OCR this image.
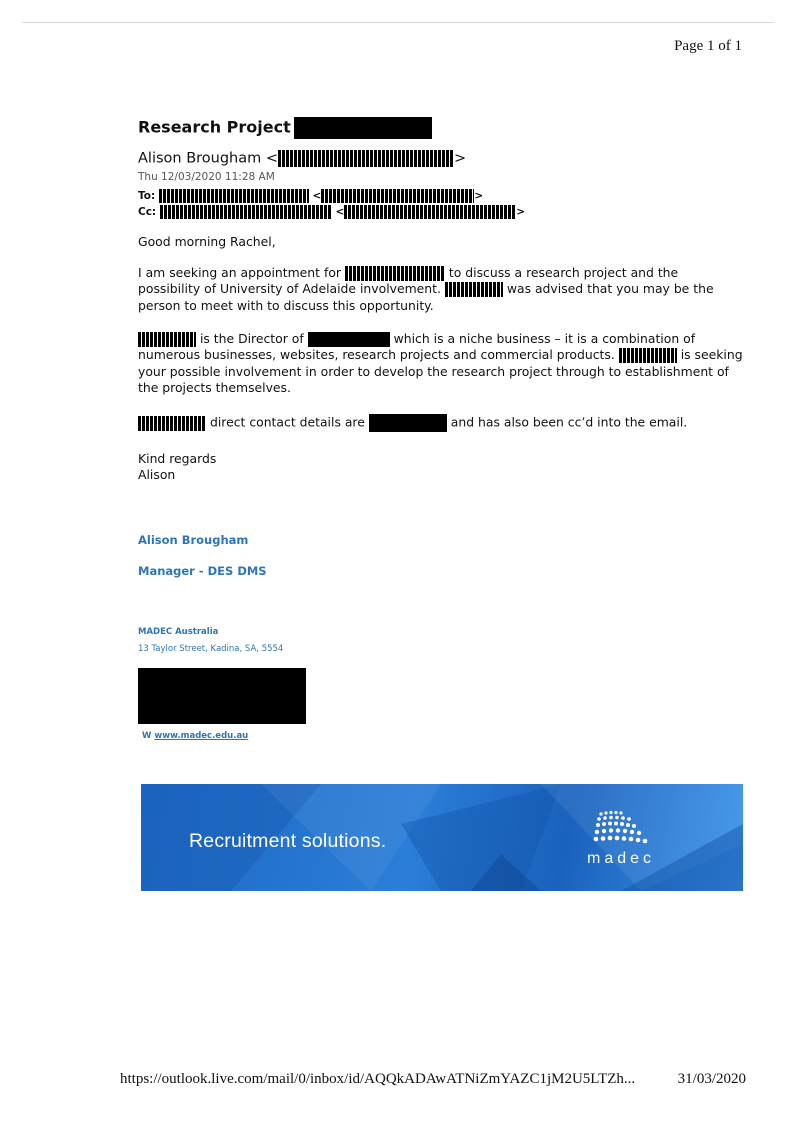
Page 1 of 1
Research Project
Alison Brougham <	>
Thu 12/03/2020 11:28 AM
To:	<	>
Cc:	<	>
Good morning Rachel,
I am seeking an appointment for	to discuss a research project and the possibility of University of Adelaide involvement.	was advised that you may be the person to meet with to discuss this opportunity.
is the Director of	which is a niche business – it is a combination of numerous businesses, websites, research projects and commercial products.	is seeking your possible involvement in order to develop the research project through to establishment of the projects themselves.
direct contact details are	and has also been cc’d into the email.
Kind regards
Alison
Alison Brougham
Manager - DES DMS
MADEC Australia
13 Taylor Street, Kadina, SA, 5554
W www.madec.edu.au
Recruitment solutions.
madec
https://outlook.live.com/mail/0/inbox/id/AQQkADAwATNiZmYAZC1jM2U5LTZh...	31/03/2020
